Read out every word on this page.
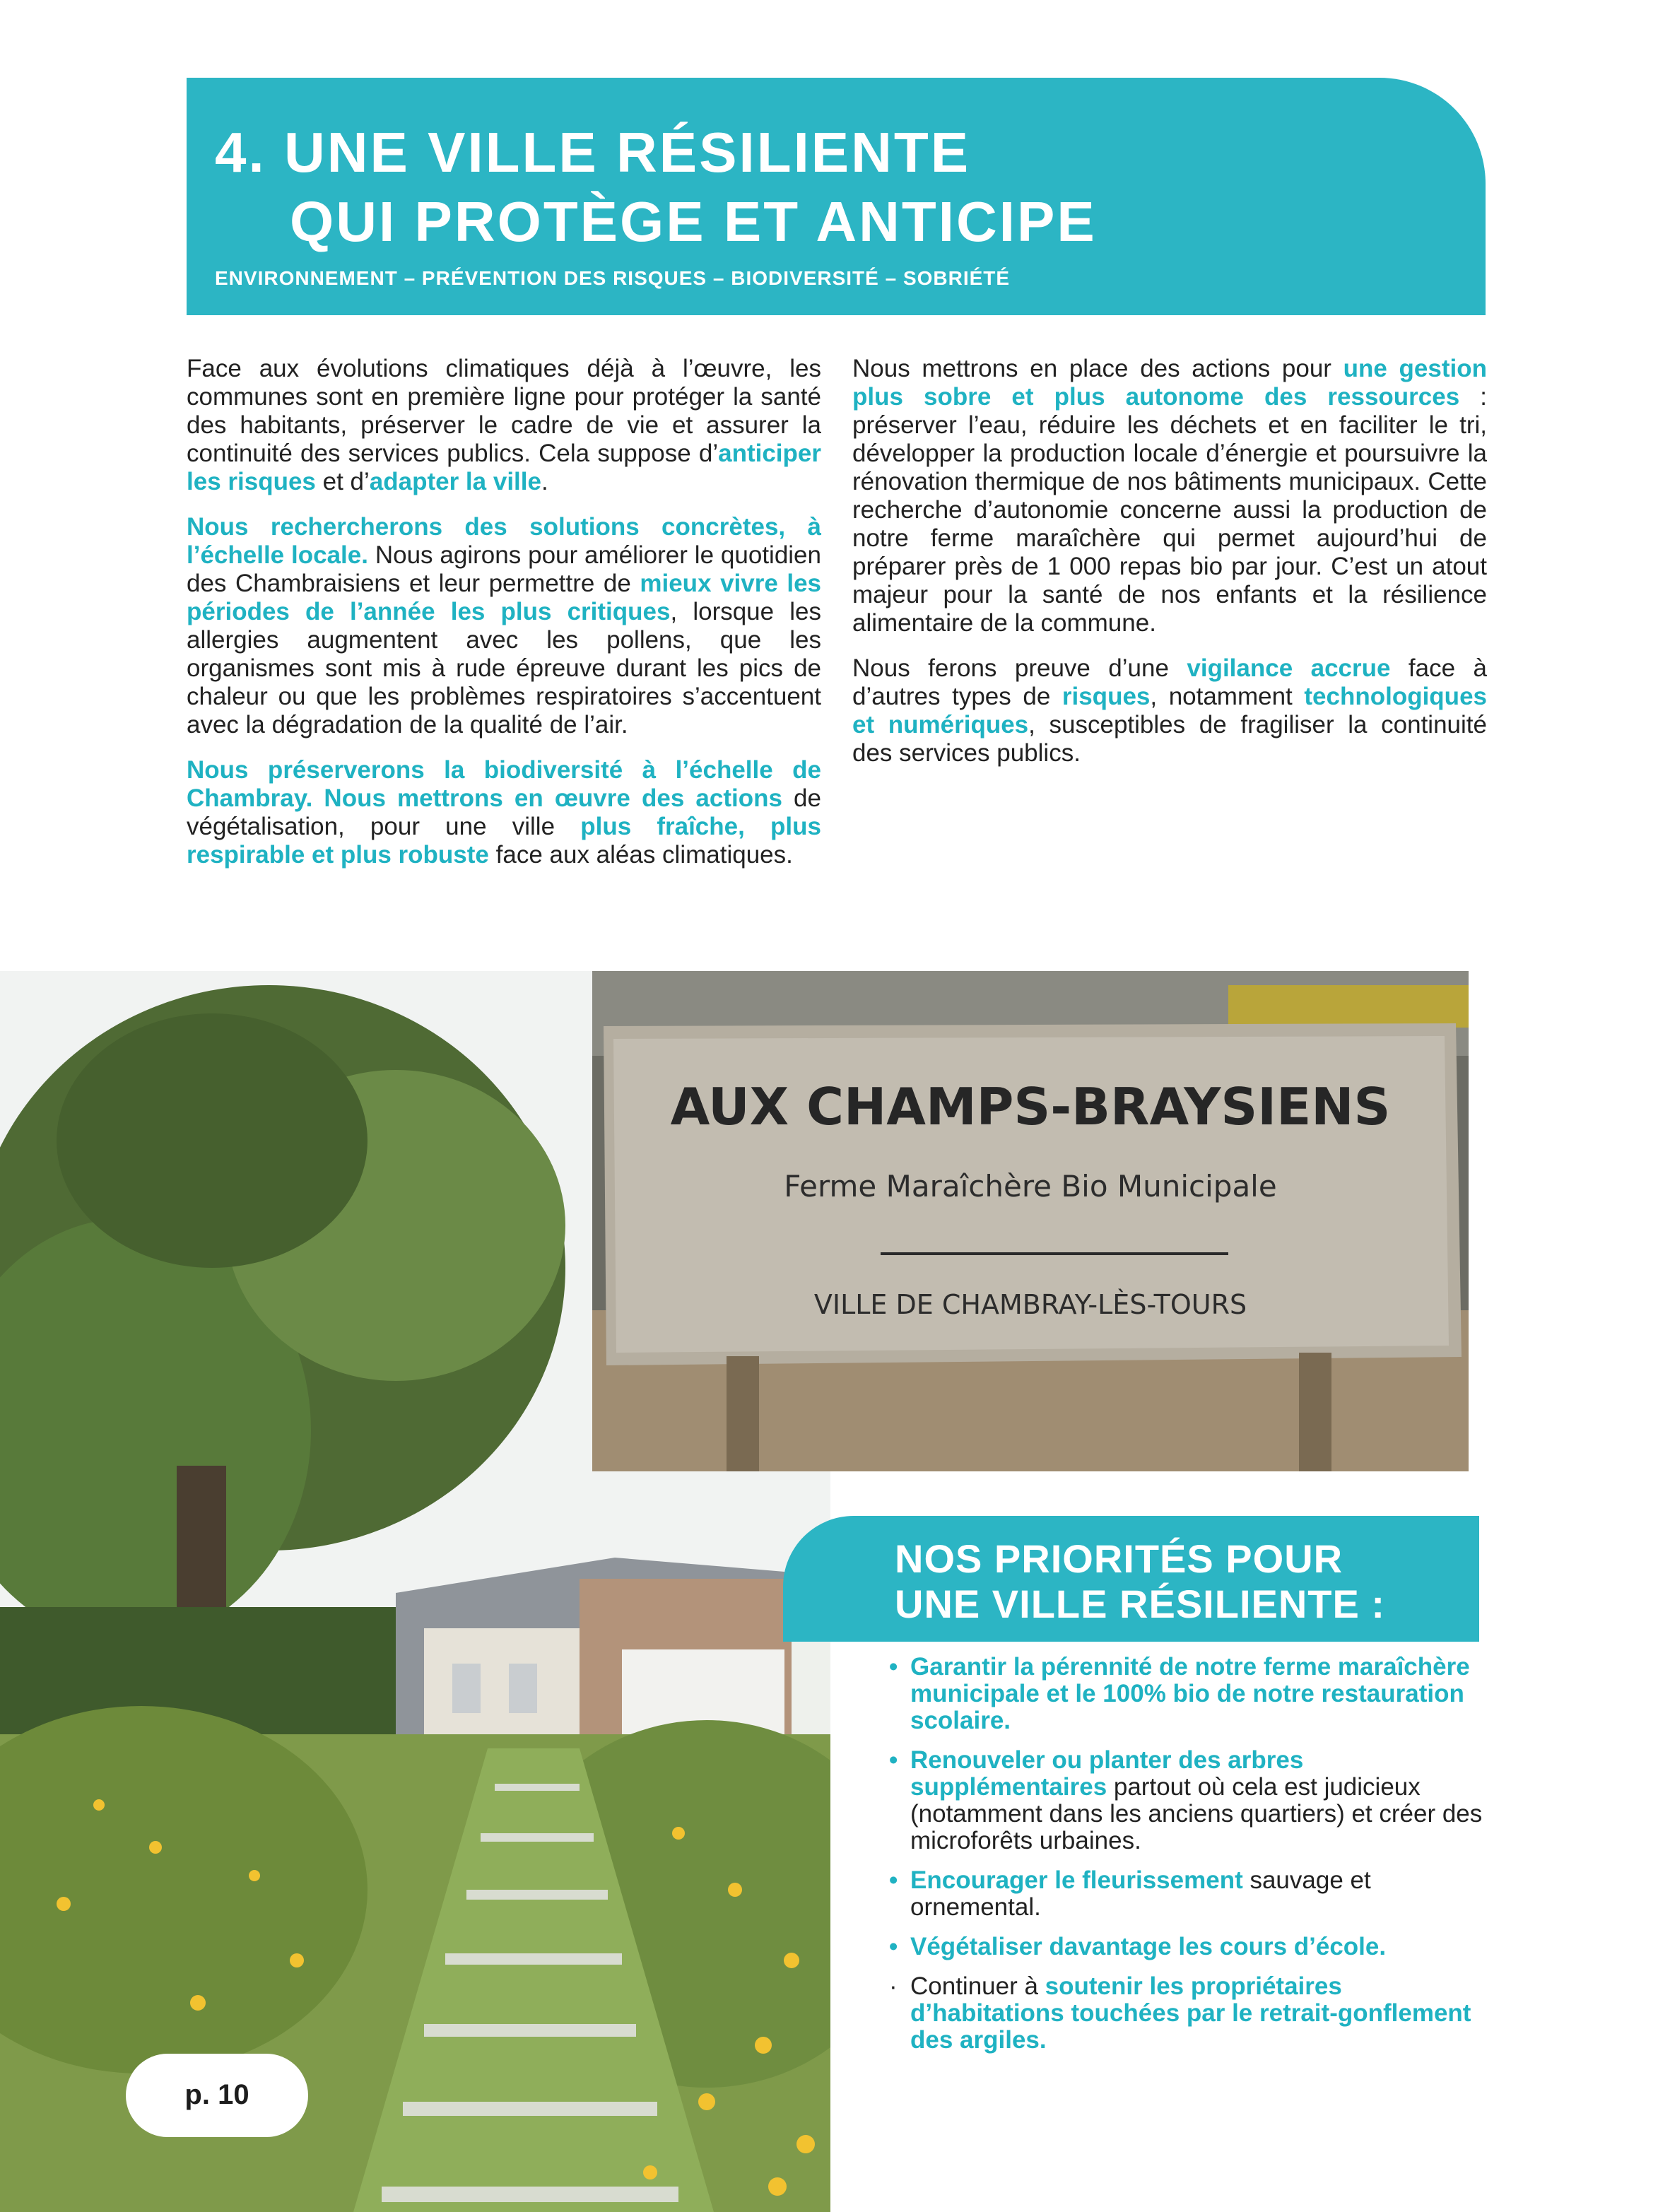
4. UNE VILLE RÉSILIENTE
QUI PROTÈGE ET ANTICIPE
ENVIRONNEMENT – PRÉVENTION DES RISQUES – BIODIVERSITÉ – SOBRIÉTÉ

Face aux évolutions climatiques déjà à l’œuvre, les communes sont en première ligne pour protéger la santé des habitants, préserver le cadre de vie et assurer la continuité des services publics. Cela suppose d’anticiper les risques et d’adapter la ville.

Nous rechercherons des solutions concrètes, à l’échelle locale. Nous agirons pour améliorer le quotidien des Chambraisiens et leur permettre de mieux vivre les périodes de l’année les plus critiques, lorsque les allergies augmentent avec les pollens, que les organismes sont mis à rude épreuve durant les pics de chaleur ou que les problèmes respiratoires s’accentuent avec la dégradation de la qualité de l’air.

Nous préserverons la biodiversité à l’échelle de Chambray. Nous mettrons en œuvre des actions de végétalisation, pour une ville plus fraîche, plus respirable et plus robuste face aux aléas climatiques.

Nous mettrons en place des actions pour une gestion plus sobre et plus autonome des ressources : préserver l’eau, réduire les déchets et en faciliter le tri, développer la production locale d’énergie et poursuivre la rénovation thermique de nos bâtiments municipaux. Cette recherche d’autonomie concerne aussi la production de notre ferme maraîchère qui permet aujourd’hui de préparer près de 1 000 repas bio par jour. C’est un atout majeur pour la santé de nos enfants et la résilience alimentaire de la commune.

Nous ferons preuve d’une vigilance accrue face à d’autres types de risques, notamment technologiques et numériques, susceptibles de fragiliser la continuité des services publics.

AUX CHAMPS-BRAYSIENS
Ferme Maraîchère Bio Municipale
VILLE DE CHAMBRAY-LÈS-TOURS
NOS PRIORITÉS POUR
UNE VILLE RÉSILIENTE :
• Garantir la pérennité de notre ferme maraîchère municipale et le 100% bio de notre restauration scolaire.
• Renouveler ou planter des arbres supplémentaires partout où cela est judicieux (notamment dans les anciens quartiers) et créer des microforêts urbaines.
• Encourager le fleurissement sauvage et ornemental.
• Végétaliser davantage les cours d’école.
· Continuer à soutenir les propriétaires d’habitations touchées par le retrait-gonflement des argiles.
p. 10
